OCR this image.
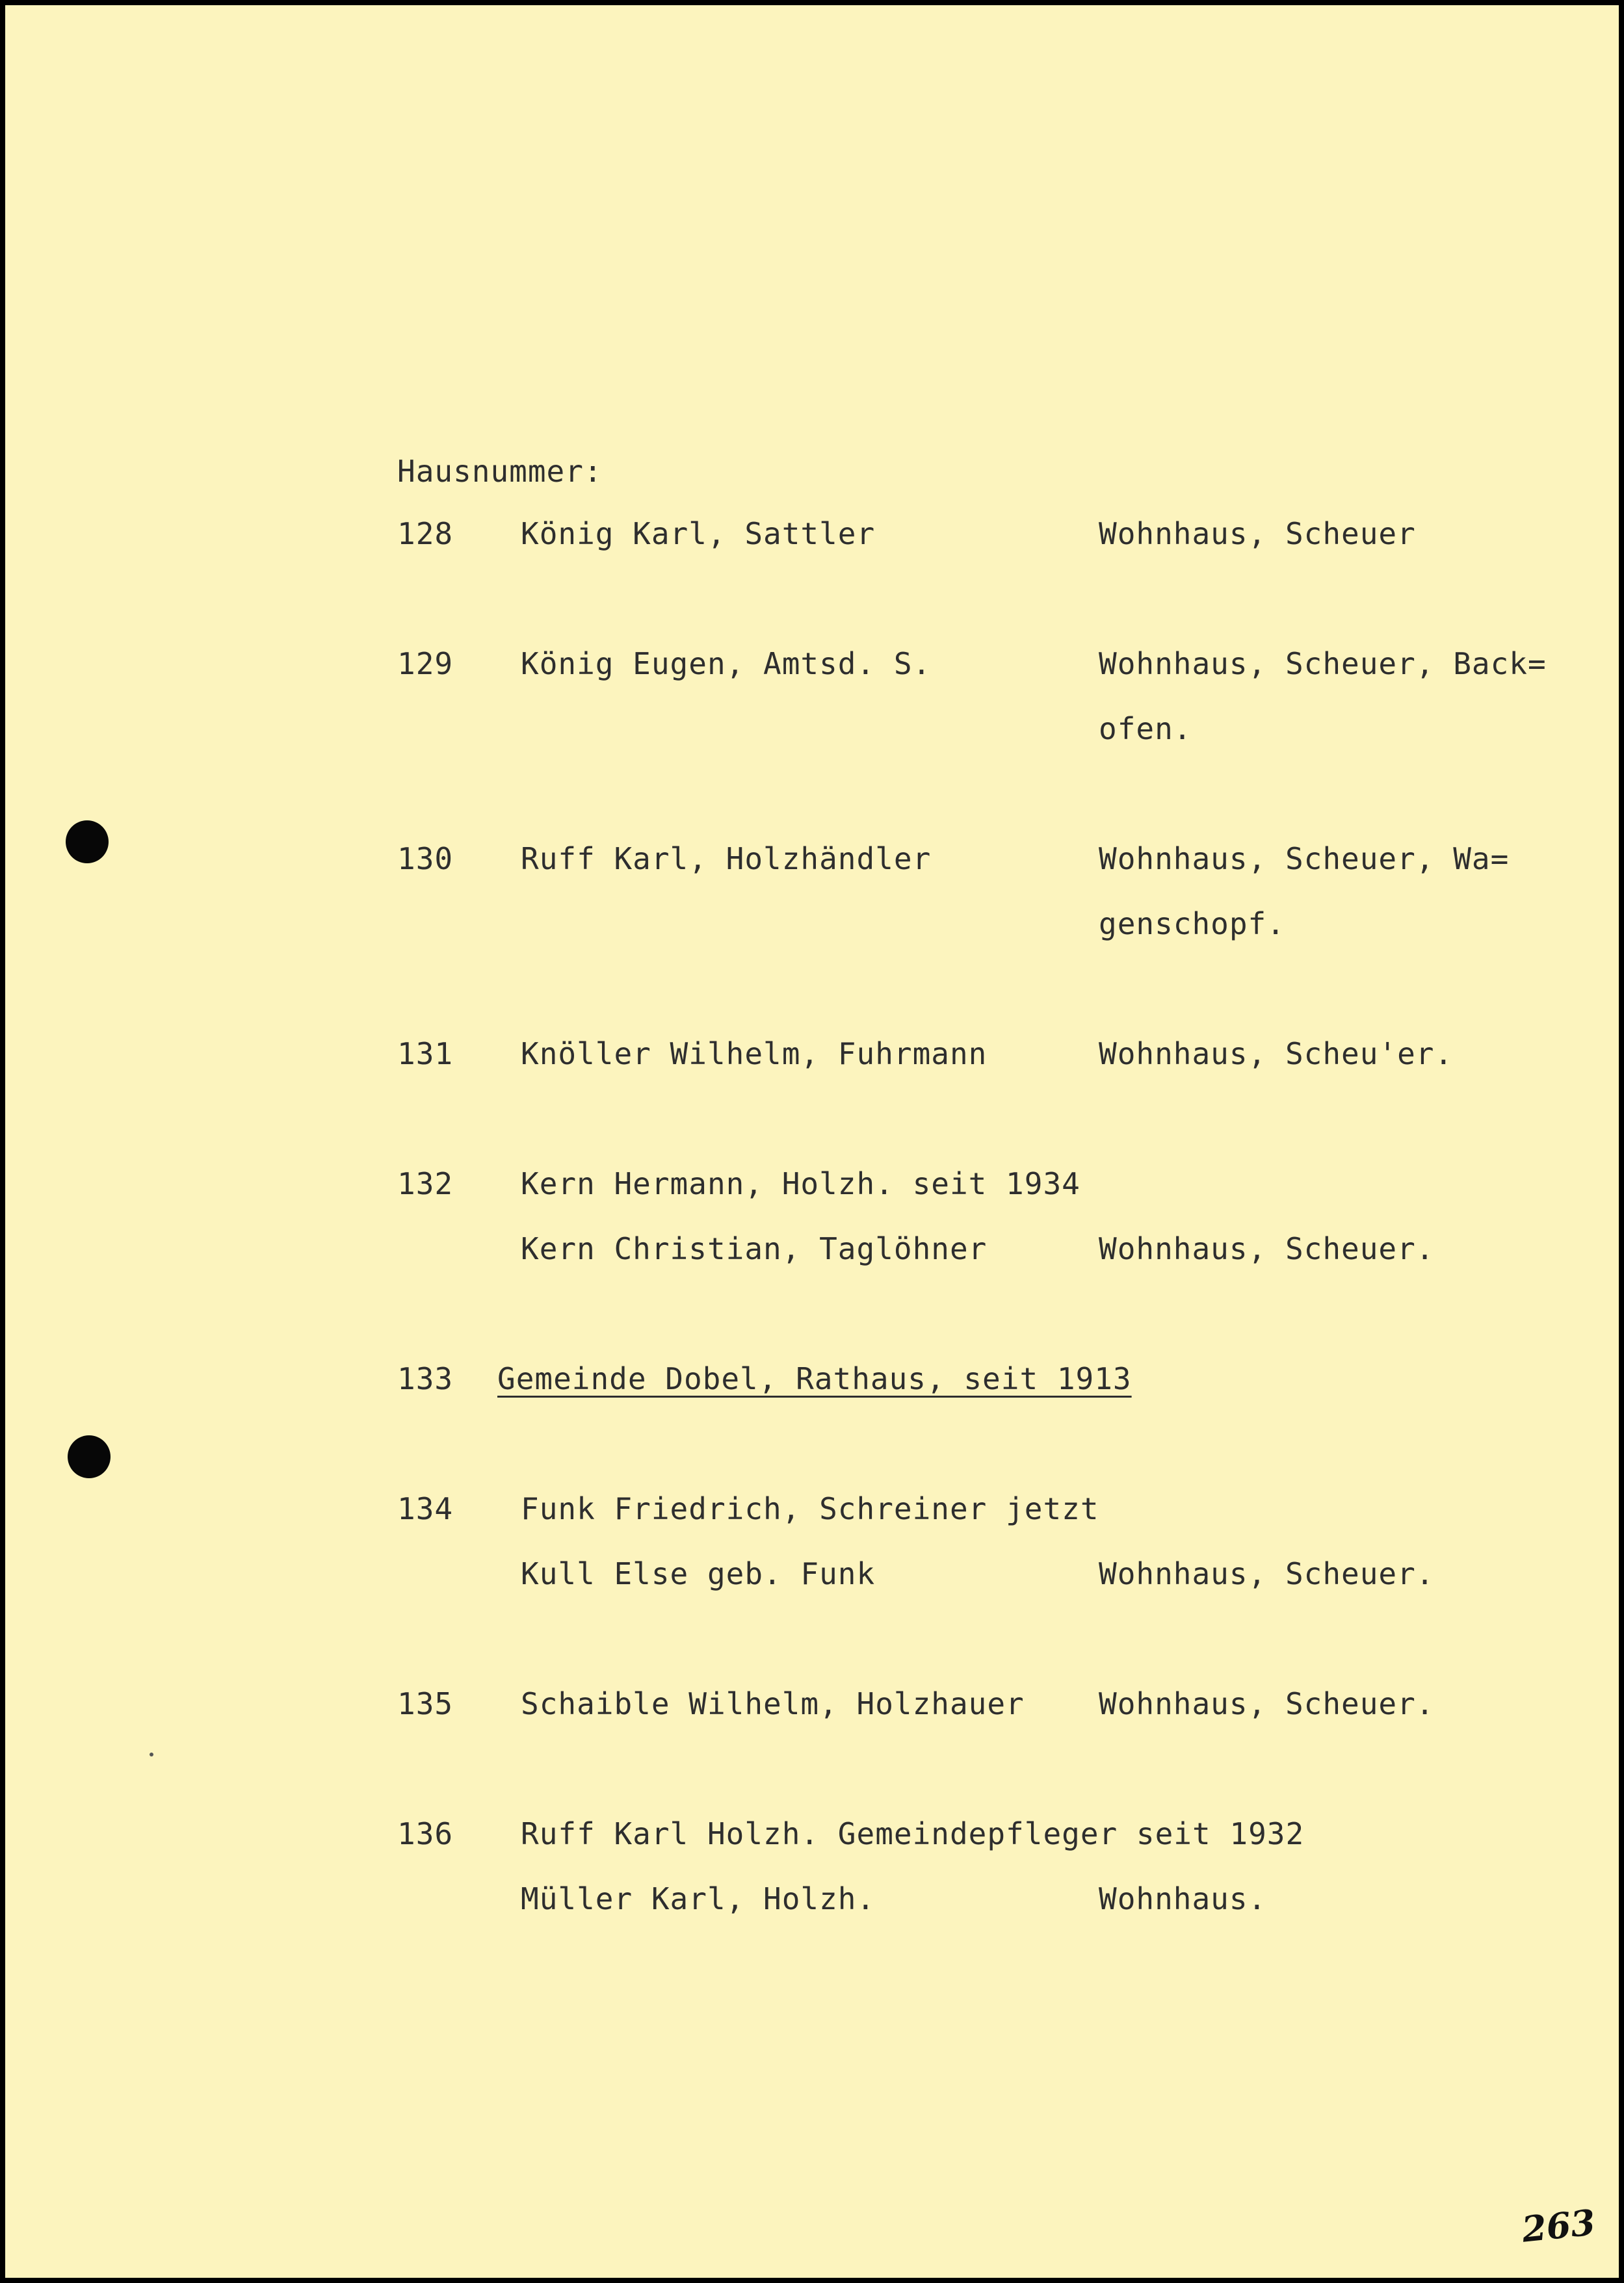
Hausnummer:
128 König Karl, Sattler	Wohnhaus, Scheuer
129 König Eugen, Amtsd. S.	Wohnhaus, Scheuer, Back=
ofen.
130 Ruff Karl, Holzhändler	Wohnhaus, Scheuer, Wa=
genschopf.
131 Knöller Wilhelm, Fuhrmann	Wohnhaus, Scheu'er.
132 Kern Hermann, Holzh. seit 1934
Kern Christian, Taglöhner	Wohnhaus, Scheuer.
133 Gemeinde Dobel, Rathaus, seit 1913
134 Funk Friedrich, Schreiner jetzt
Kull Else geb. Funk	Wohnhaus, Scheuer.
135 Schaible Wilhelm, Holzhauer Wohnhaus, Scheuer.
136 Ruff Karl Holzh. Gemeindepfleger seit 1932
Müller Karl, Holzh.	Wohnhaus.
263
